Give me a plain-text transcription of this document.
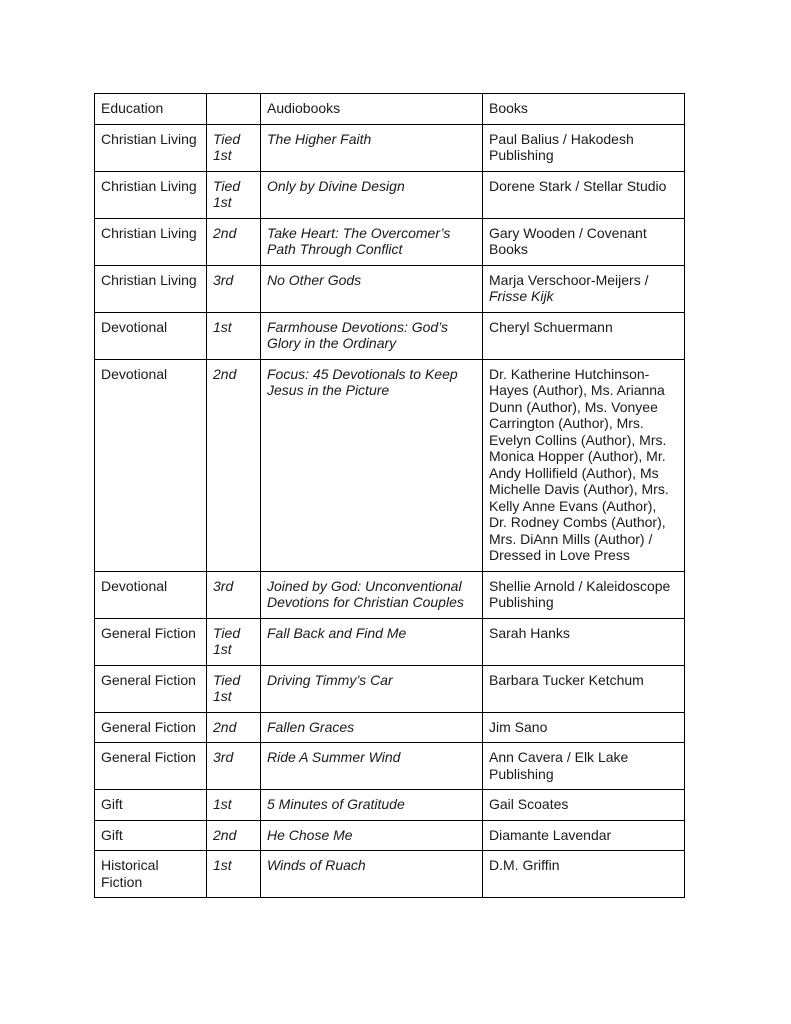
Education		Audiobooks	Books
Christian Living	Tied 1st	The Higher Faith	Paul Balius / Hakodesh Publishing
Christian Living	Tied 1st	Only by Divine Design	Dorene Stark / Stellar Studio
Christian Living	2nd	Take Heart: The Overcomer’s Path Through Conflict	Gary Wooden / Covenant Books
Christian Living	3rd	No Other Gods	Marja Verschoor-Meijers / Frisse Kijk
Devotional	1st	Farmhouse Devotions: God’s Glory in the Ordinary	Cheryl Schuermann
Devotional	2nd	Focus: 45 Devotionals to Keep Jesus in the Picture	Dr. Katherine Hutchinson-Hayes (Author), Ms. Arianna Dunn (Author), Ms. Vonyee Carrington (Author), Mrs. Evelyn Collins (Author), Mrs. Monica Hopper (Author), Mr. Andy Hollifield (Author), Ms Michelle Davis (Author), Mrs. Kelly Anne Evans (Author), Dr. Rodney Combs (Author), Mrs. DiAnn Mills (Author) / Dressed in Love Press
Devotional	3rd	Joined by God: Unconventional Devotions for Christian Couples	Shellie Arnold / Kaleidoscope Publishing
General Fiction	Tied 1st	Fall Back and Find Me	Sarah Hanks
General Fiction	Tied 1st	Driving Timmy’s Car	Barbara Tucker Ketchum
General Fiction	2nd	Fallen Graces	Jim Sano
General Fiction	3rd	Ride A Summer Wind	Ann Cavera / Elk Lake Publishing
Gift	1st	5 Minutes of Gratitude	Gail Scoates
Gift	2nd	He Chose Me	Diamante Lavendar
Historical Fiction	1st	Winds of Ruach	D.M. Griffin
